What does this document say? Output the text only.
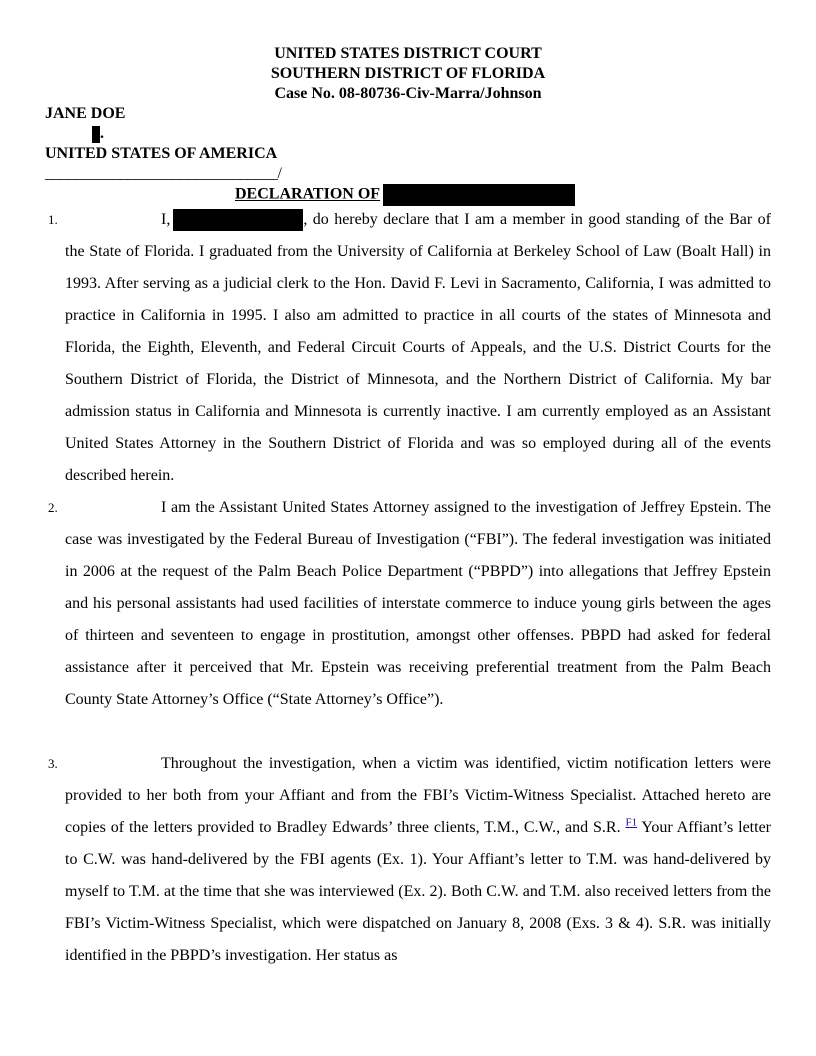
UNITED STATES DISTRICT COURT
SOUTHERN DISTRICT OF FLORIDA
Case No. 08-80736-Civ-Marra/Johnson
JANE DOE
.
UNITED STATES OF AMERICA
_______________________________/
DECLARATION OF
1.	I,	, do hereby declare that I am a member in good standing of the Bar of the State of Florida. I graduated from the University of California at Berkeley School of Law (Boalt Hall) in 1993. After serving as a judicial clerk to the Hon. David F. Levi in Sacramento, California, I was admitted to practice in California in 1995. I also am admitted to practice in all courts of the states of Minnesota and Florida, the Eighth, Eleventh, and Federal Circuit Courts of Appeals, and the U.S. District Courts for the Southern District of Florida, the District of Minnesota, and the Northern District of California. My bar admission status in California and Minnesota is currently inactive. I am currently employed as an Assistant United States Attorney in the Southern District of Florida and was so employed during all of the events described herein.
2.	I am the Assistant United States Attorney assigned to the investigation of Jeffrey Epstein. The case was investigated by the Federal Bureau of Investigation (“FBI”). The federal investigation was initiated in 2006 at the request of the Palm Beach Police Department (“PBPD”) into allegations that Jeffrey Epstein and his personal assistants had used facilities of interstate commerce to induce young girls between the ages of thirteen and seventeen to engage in prostitution, amongst other offenses. PBPD had asked for federal assistance after it perceived that Mr. Epstein was receiving preferential treatment from the Palm Beach County State Attorney’s Office (“State Attorney’s Office”).
3.	Throughout the investigation, when a victim was identified, victim notification letters were provided to her both from your Affiant and from the FBI’s Victim-Witness Specialist. Attached hereto are copies of the letters provided to Bradley Edwards’ three clients, T.M., C.W., and S.R. $^{F1}$ Your Affiant’s letter to C.W. was hand-delivered by the FBI agents (Ex. 1). Your Affiant’s letter to T.M. was hand-delivered by myself to T.M. at the time that she was interviewed (Ex. 2). Both C.W. and T.M. also received letters from the FBI’s Victim-Witness Specialist, which were dispatched on January 8, 2008 (Exs. 3 & 4). S.R. was initially identified in the PBPD’s investigation. Her status as
